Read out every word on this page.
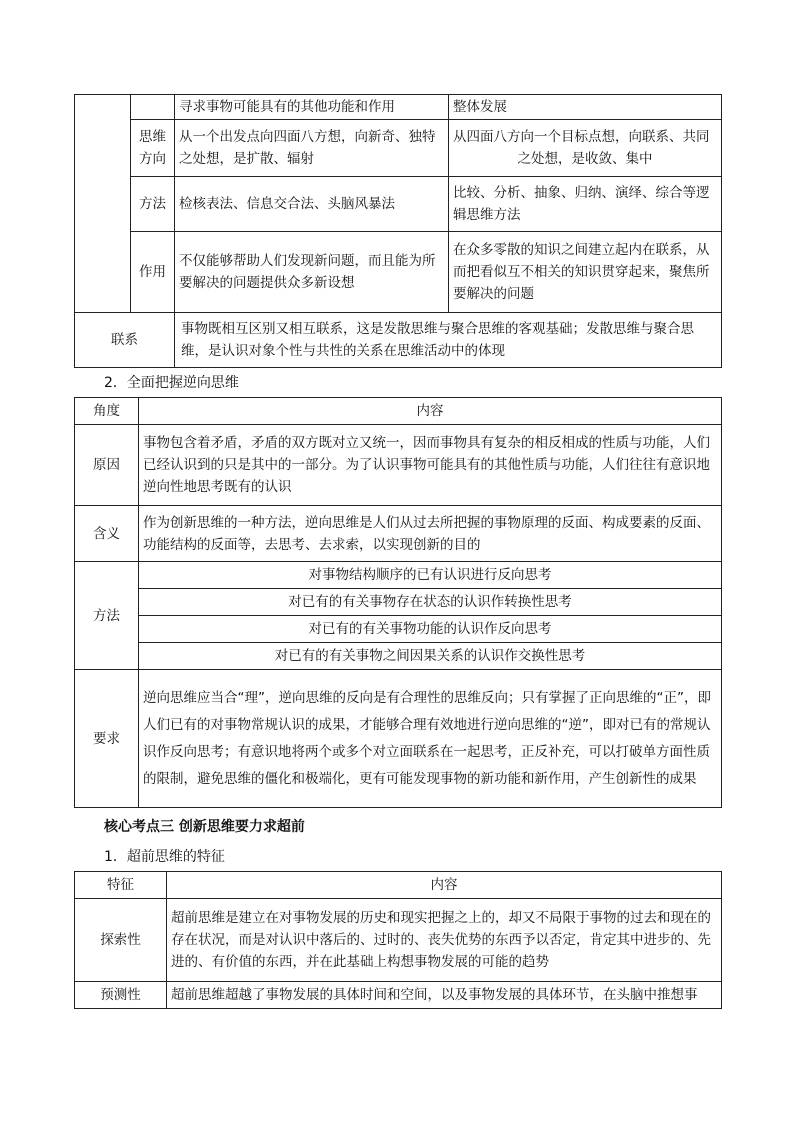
		寻求事物可能具有的其他功能和作用	整体发展
	思维方向	从一个出发点向四面八方想，向新奇、独特之处想，是扩散、辐射	从四面八方向一个目标点想，向联系、共同
之处想，是收敛、集中

	方法	检核表法、信息交合法、头脑风暴法	比较、分析、抽象、归纳、演绎、综合等逻辑思维方法
	作用	不仅能够帮助人们发现新问题，而且能为所要解决的问题提供众多新设想	在众多零散的知识之间建立起内在联系，从而把看似互不相关的知识贯穿起来，聚焦所要解决的问题
联系		事物既相互区别又相互联系，这是发散思维与聚合思维的客观基础；发散思维与聚合思维，是认识对象个性与共性的关系在思维活动中的体现	
2．全面把握逆向思维
角度	内容
原因	事物包含着矛盾，矛盾的双方既对立又统一，因而事物具有复杂的相反相成的性质与功能，人们已经认识到的只是其中的一部分。为了认识事物可能具有的其他性质与功能，人们往往有意识地逆向性地思考既有的认识
含义	作为创新思维的一种方法，逆向思维是人们从过去所把握的事物原理的反面、构成要素的反面、功能结构的反面等，去思考、去求索，以实现创新的目的
方法	对事物结构顺序的已有认识进行反向思考
	对已有的有关事物存在状态的认识作转换性思考
	对已有的有关事物功能的认识作反向思考
	对已有的有关事物之间因果关系的认识作交换性思考
要求	逆向思维应当合“理”，逆向思维的反向是有合理性的思维反向；只有掌握了正向思维的“正”，即人们已有的对事物常规认识的成果，才能够合理有效地进行逆向思维的“逆”，即对已有的常规认识作反向思考；有意识地将两个或多个对立面联系在一起思考，正反补充，可以打破单方面性质的限制，避免思维的僵化和极端化，更有可能发现事物的新功能和新作用，产生创新性的成果
核心考点三 创新思维要力求超前
1．超前思维的特征
特征	内容
探索性	超前思维是建立在对事物发展的历史和现实把握之上的，却又不局限于事物的过去和现在的存在状况，而是对认识中落后的、过时的、丧失优势的东西予以否定，肯定其中进步的、先进的、有价值的东西，并在此基础上构想事物发展的可能的趋势
预测性	超前思维超越了事物发展的具体时间和空间，以及事物发展的具体环节，在头脑中推想事
